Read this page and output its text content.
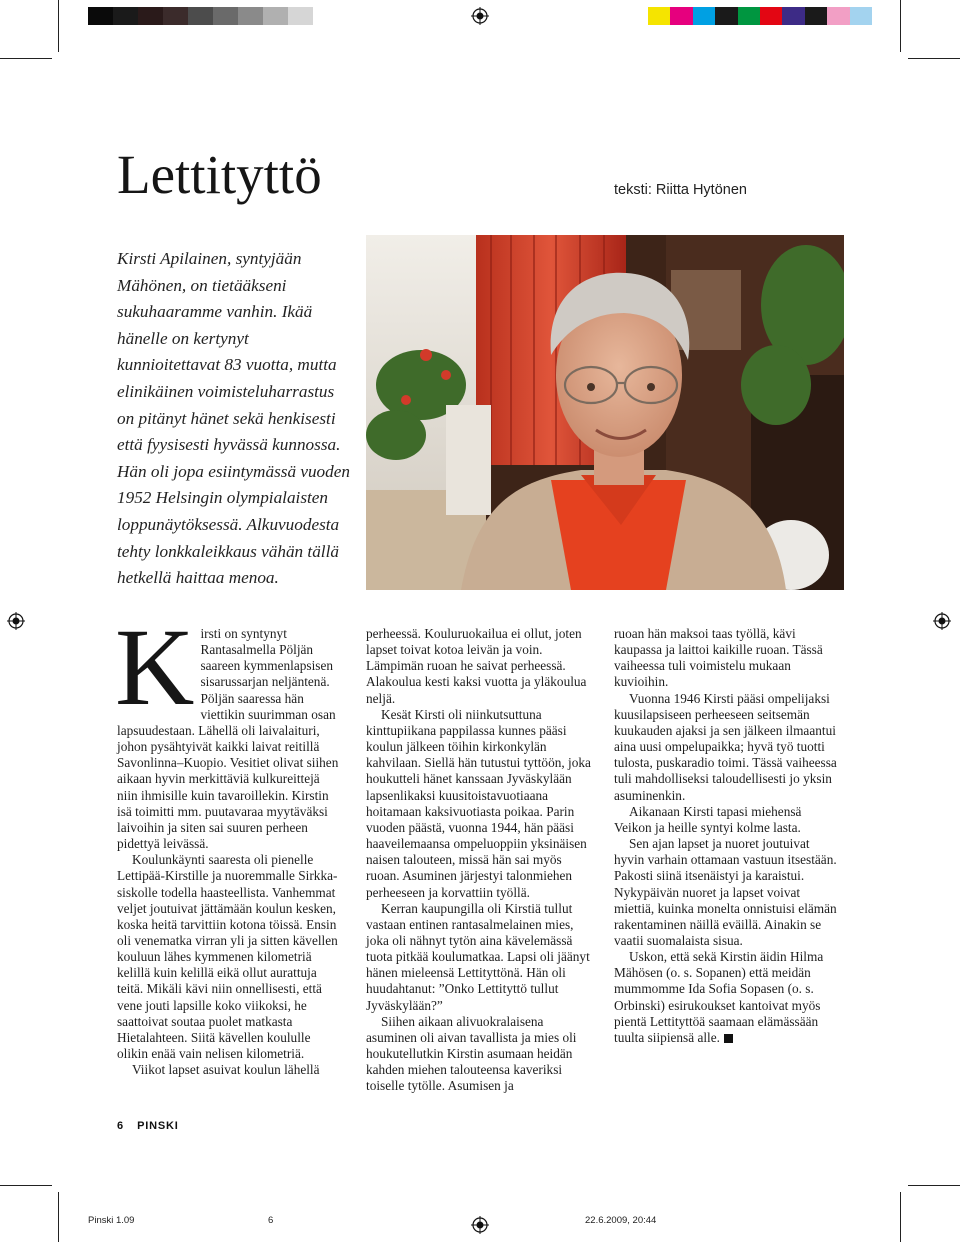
Lettityttö	teksti: Riitta Hytönen

Kirsti Apilainen, syntyjään Mähönen, on tietääkseni sukuhaaramme vanhin. Ikää hänelle on kertynyt kunnioitettavat 83 vuotta, mutta elinikäinen voimisteluharrastus on pitänyt hänet sekä henkisesti että fyysisesti hyvässä kunnossa. Hän oli jopa esiintymässä vuoden 1952 Helsingin olympialaisten loppunäytöksessä. Alkuvuodesta tehty lonkkaleikkaus vähän tällä hetkellä haittaa menoa.

Kirsti on syntynyt Rantasalmella Pöljän saareen kymmenlapsisen sisarussarjan neljäntenä. Pöljän saaressa hän viettikin suurimman osan lapsuudestaan. Lähellä oli laivalaituri, johon pysähtyivät kaikki laivat reitillä Savonlinna–Kuopio. Vesitiet olivat siihen aikaan hyvin merkittäviä kulkureittejä niin ihmisille kuin tavaroillekin. Kirstin isä toimitti mm. puutavaraa myytäväksi laivoihin ja siten sai suuren perheen pidettyä leivässä.

Koulunkäynti saaresta oli pienelle Lettipää-Kirstille ja nuoremmalle Sirkka-siskolle todella haasteellista. Vanhemmat veljet joutuivat jättämään koulun kesken, koska heitä tarvittiin kotona töissä. Ensin oli venematka virran yli ja sitten kävellen kouluun lähes kymmenen kilometriä kelillä kuin kelillä eikä ollut aurattuja teitä. Mikäli kävi niin onnellisesti, että vene jouti lapsille koko viikoksi, he saattoivat soutaa puolet matkasta Hietalahteen. Siitä kävellen koululle olikin enää vain nelisen kilometriä.

Viikot lapset asuivat koulun lähellä

perheessä. Kouluruokailua ei ollut, joten lapset toivat kotoa leivän ja voin. Lämpimän ruoan he saivat perheessä. Alakoulua kesti kaksi vuotta ja yläkoulua neljä.

Kesät Kirsti oli niinkutsuttuna kinttupiikana pappilassa kunnes pääsi koulun jälkeen töihin kirkonkylän kahvilaan. Siellä hän tutustui tyttöön, joka houkutteli hänet kanssaan Jyväskylään lapsenlikaksi kuusitoistavuotiaana hoitamaan kaksivuotiasta poikaa. Parin vuoden päästä, vuonna 1944, hän pääsi haaveilemaansa ompeluoppiin yksinäisen naisen talouteen, missä hän sai myös ruoan. Asuminen järjestyi talonmiehen perheeseen ja korvattiin työllä.

Kerran kaupungilla oli Kirstiä tullut vastaan entinen rantasalmelainen mies, joka oli nähnyt tytön aina kävelemässä tuota pitkää koulumatkaa. Lapsi oli jäänyt hänen mieleensä Lettityttönä. Hän oli huudahtanut: ”Onko Lettityttö tullut Jyväskylään?”

Siihen aikaan alivuokralaisena asuminen oli aivan tavallista ja mies oli houkutellutkin Kirstin asumaan heidän kahden miehen talouteensa kaveriksi toiselle tytölle. Asumisen ja

ruoan hän maksoi taas työllä, kävi kaupassa ja laittoi kaikille ruoan. Tässä vaiheessa tuli voimistelu mukaan kuvioihin.

Vuonna 1946 Kirsti pääsi ompelijaksi kuusilapsiseen perheeseen seitsemän kuukauden ajaksi ja sen jälkeen ilmaantui aina uusi ompelupaikka; hyvä työ tuotti tulosta, puskaradio toimi. Tässä vaiheessa tuli mahdolliseksi taloudellisesti jo yksin asuminenkin.

Aikanaan Kirsti tapasi miehensä Veikon ja heille syntyi kolme lasta.

Sen ajan lapset ja nuoret joutuivat hyvin varhain ottamaan vastuun itsestään. Pakosti siinä itsenäistyi ja karaistui. Nykypäivän nuoret ja lapset voivat miettiä, kuinka monelta onnistuisi elämän rakentaminen näillä eväillä. Ainakin se vaatii suomalaista sisua.

Uskon, että sekä Kirstin äidin Hilma Mähösen (o. s. Sopanen) että meidän mummomme Ida Sofia Sopasen (o. s. Orbinski) esirukoukset kantoivat myös pientä Lettityttöä saamaan elämässään tuulta siipiensä alle.

6 PINSKI
Pinski 1.09	6	22.6.2009, 20:44
